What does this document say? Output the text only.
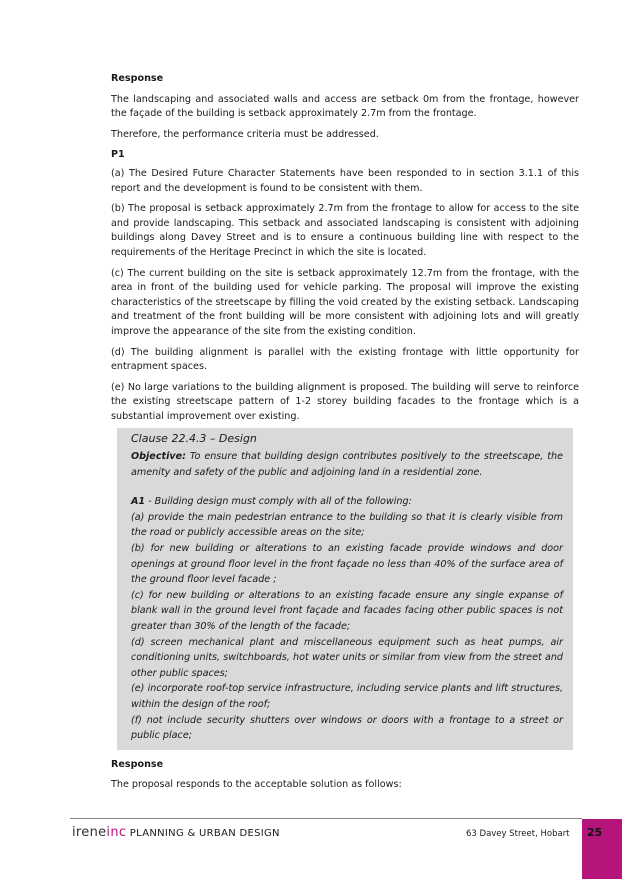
Response
The landscaping and associated walls and access are setback 0m from the frontage, however the façade of the building is setback approximately 2.7m from the frontage.
Therefore, the performance criteria must be addressed.
P1
(a) The Desired Future Character Statements have been responded to in section 3.1.1 of this report and the development is found to be consistent with them.
(b) The proposal is setback approximately 2.7m from the frontage to allow for access to the site and provide landscaping. This setback and associated landscaping is consistent with adjoining buildings along Davey Street and is to ensure a continuous building line with respect to the requirements of the Heritage Precinct in which the site is located.
(c) The current building on the site is setback approximately 12.7m from the frontage, with the area in front of the building used for vehicle parking. The proposal will improve the existing characteristics of the streetscape by filling the void created by the existing setback. Landscaping and treatment of the front building will be more consistent with adjoining lots and will greatly improve the appearance of the site from the existing condition.
(d) The building alignment is parallel with the existing frontage with little opportunity for entrapment spaces.
(e) No large variations to the building alignment is proposed. The building will serve to reinforce the existing streetscape pattern of 1-2 storey building facades to the frontage which is a substantial improvement over existing.
Clause 22.4.3 – Design
Objective: To ensure that building design contributes positively to the streetscape, the amenity and safety of the public and adjoining land in a residential zone.
A1 - Building design must comply with all of the following:
(a) provide the main pedestrian entrance to the building so that it is clearly visible from the road or publicly accessible areas on the site;
(b) for new building or alterations to an existing facade provide windows and door openings at ground floor level in the front façade no less than 40% of the surface area of the ground floor level facade ;
(c) for new building or alterations to an existing facade ensure any single expanse of blank wall in the ground level front façade and facades facing other public spaces is not greater than 30% of the length of the facade;
(d) screen mechanical plant and miscellaneous equipment such as heat pumps, air conditioning units, switchboards, hot water units or similar from view from the street and other public spaces;
(e) incorporate roof-top service infrastructure, including service plants and lift structures, within the design of the roof;
(f) not include security shutters over windows or doors with a frontage to a street or public place;
Response
The proposal responds to the acceptable solution as follows:
ireneinc PLANNING & URBAN DESIGN	63 Davey Street, Hobart 25
